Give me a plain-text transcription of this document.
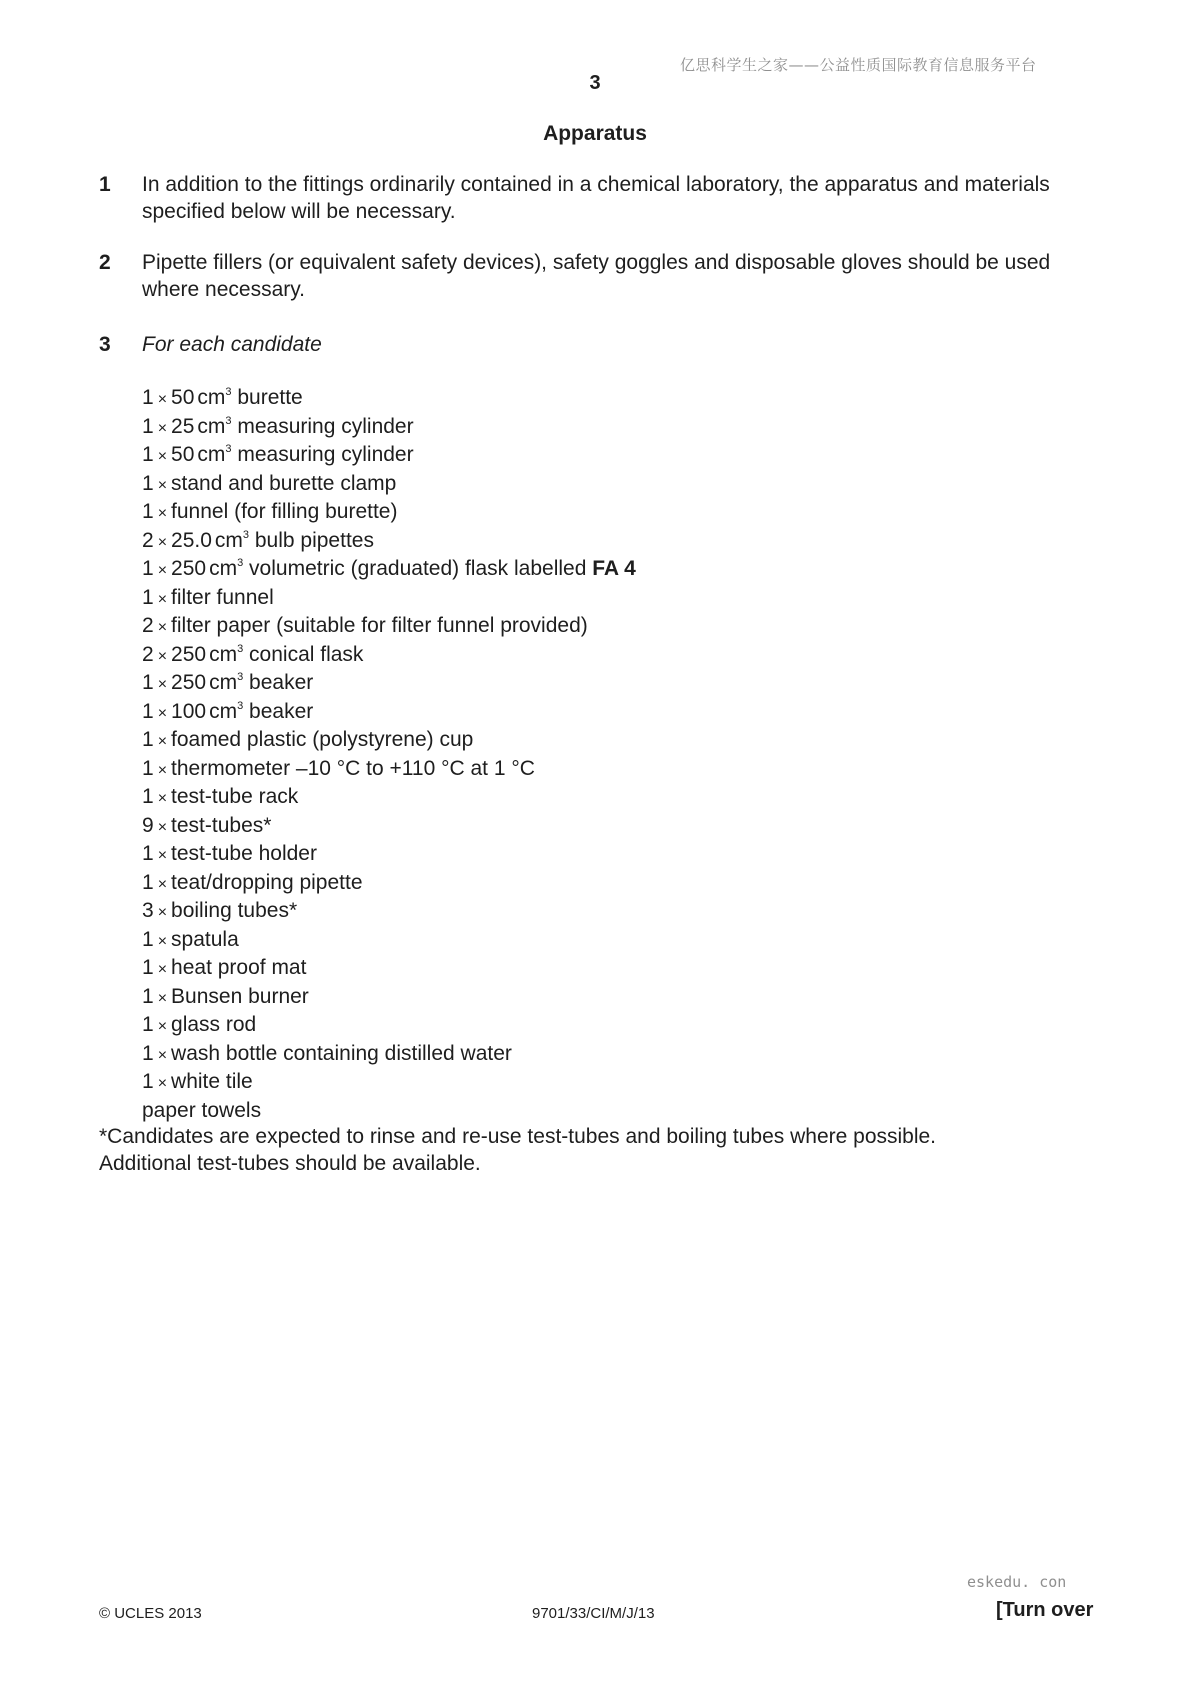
亿思科学生之家——公益性质国际教育信息服务平台
3
Apparatus
1 In addition to the fittings ordinarily contained in a chemical laboratory, the apparatus and materials specified below will be necessary.
2 Pipette fillers (or equivalent safety devices), safety goggles and disposable gloves should be used where necessary.
3 For each candidate
1 × 50 $cm^3$ burette
1 × 25 $cm^3$ measuring cylinder
1 × 50 $cm^3$ measuring cylinder
1 × stand and burette clamp
1 × funnel (for filling burette)
2 × 25.0 $cm^3$ bulb pipettes
1 × 250 $cm^3$ volumetric (graduated) flask labelled FA 4
1 × filter funnel
2 × filter paper (suitable for filter funnel provided)
2 × 250 $cm^3$ conical flask
1 × 250 $cm^3$ beaker
1 × 100 $cm^3$ beaker
1 × foamed plastic (polystyrene) cup
1 × thermometer –10 °C to +110 °C at 1 °C
1 × test-tube rack
9 × test-tubes*
1 × test-tube holder
1 × teat/dropping pipette
3 × boiling tubes*
1 × spatula
1 × heat proof mat
1 × Bunsen burner
1 × glass rod
1 × wash bottle containing distilled water
1 × white tile
paper towels
*Candidates are expected to rinse and re-use test-tubes and boiling tubes where possible.
Additional test-tubes should be available.
© UCLES 2013	9701/33/CI/M/J/13
eskedu. con
[Turn over
